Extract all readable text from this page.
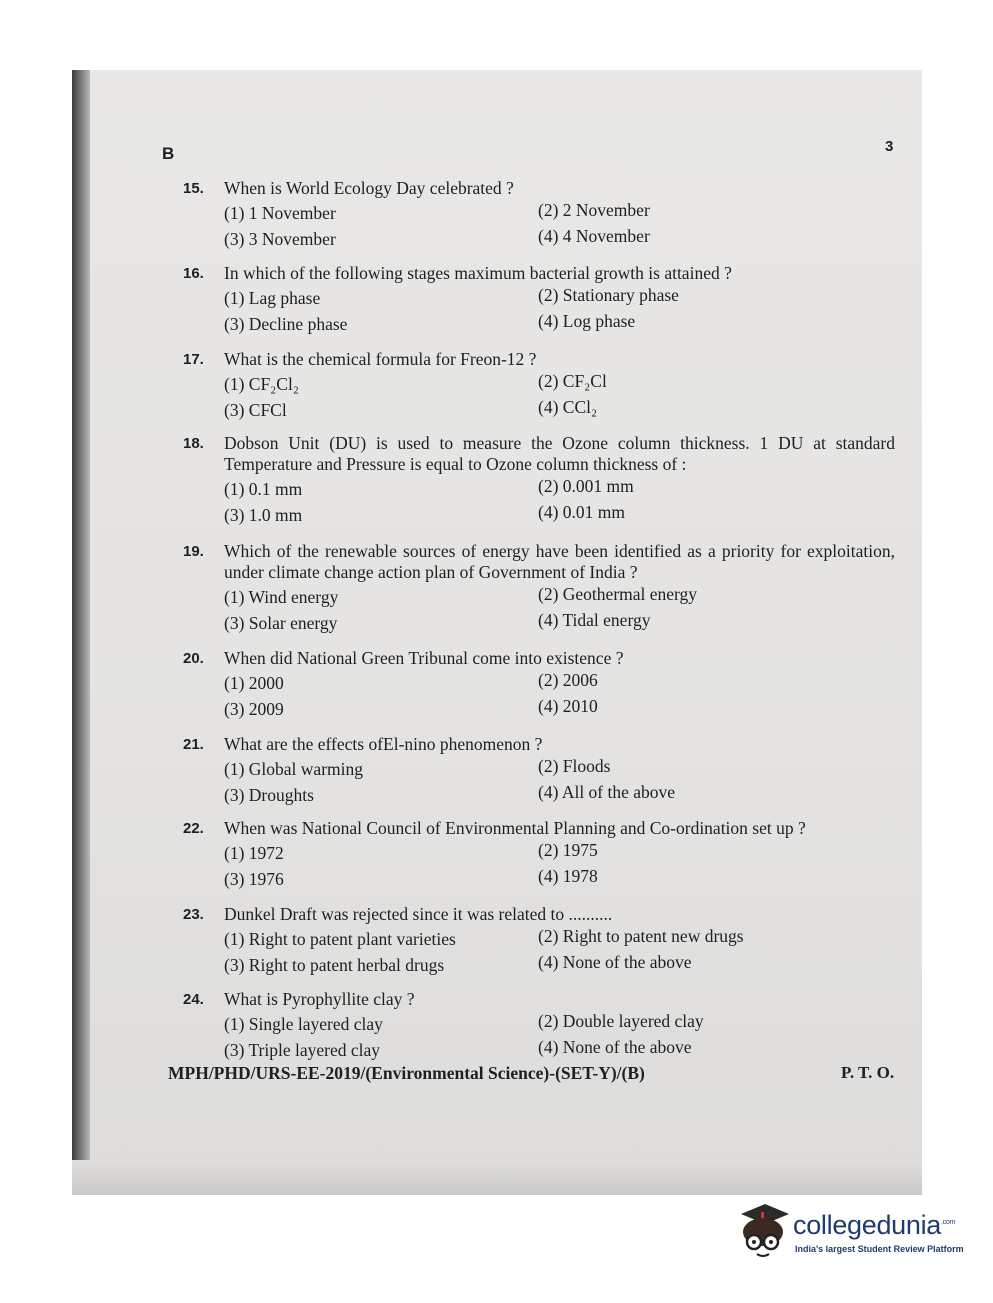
B	3
15. When is World Ecology Day celebrated ?
(1) 1 November	(2) 2 November
(3) 3 November	(4) 4 November
16. In which of the following stages maximum bacterial growth is attained ?
(1) Lag phase	(2) Stationary phase
(3) Decline phase	(4) Log phase
17. What is the chemical formula for Freon-12 ?
(1) CF₂Cl₂	(2) CF₂Cl
(3) CFCl	(4) CCl₂
18. Dobson Unit (DU) is used to measure the Ozone column thickness. 1 DU at standard Temperature and Pressure is equal to Ozone column thickness of :
(1) 0.1 mm	(2) 0.001 mm
(3) 1.0 mm	(4) 0.01 mm
19. Which of the renewable sources of energy have been identified as a priority for exploitation, under climate change action plan of Government of India ?
(1) Wind energy	(2) Geothermal energy
(3) Solar energy	(4) Tidal energy
20. When did National Green Tribunal come into existence ?
(1) 2000	(2) 2006
(3) 2009	(4) 2010
21. What are the effects ofEl-nino phenomenon ?
(1) Global warming	(2) Floods
(3) Droughts	(4) All of the above
22. When was National Council of Environmental Planning and Co-ordination set up ?
(1) 1972	(2) 1975
(3) 1976	(4) 1978
23. Dunkel Draft was rejected since it was related to ..........
(1) Right to patent plant varieties	(2) Right to patent new drugs
(3) Right to patent herbal drugs	(4) None of the above
24. What is Pyrophyllite clay ?
(1) Single layered clay	(2) Double layered clay
(3) Triple layered clay	(4) None of the above
MPH/PHD/URS-EE-2019/(Environmental Science)-(SET-Y)/(B)	P. T. O.
collegedunia$^{.com}$
India's largest Student Review Platform
